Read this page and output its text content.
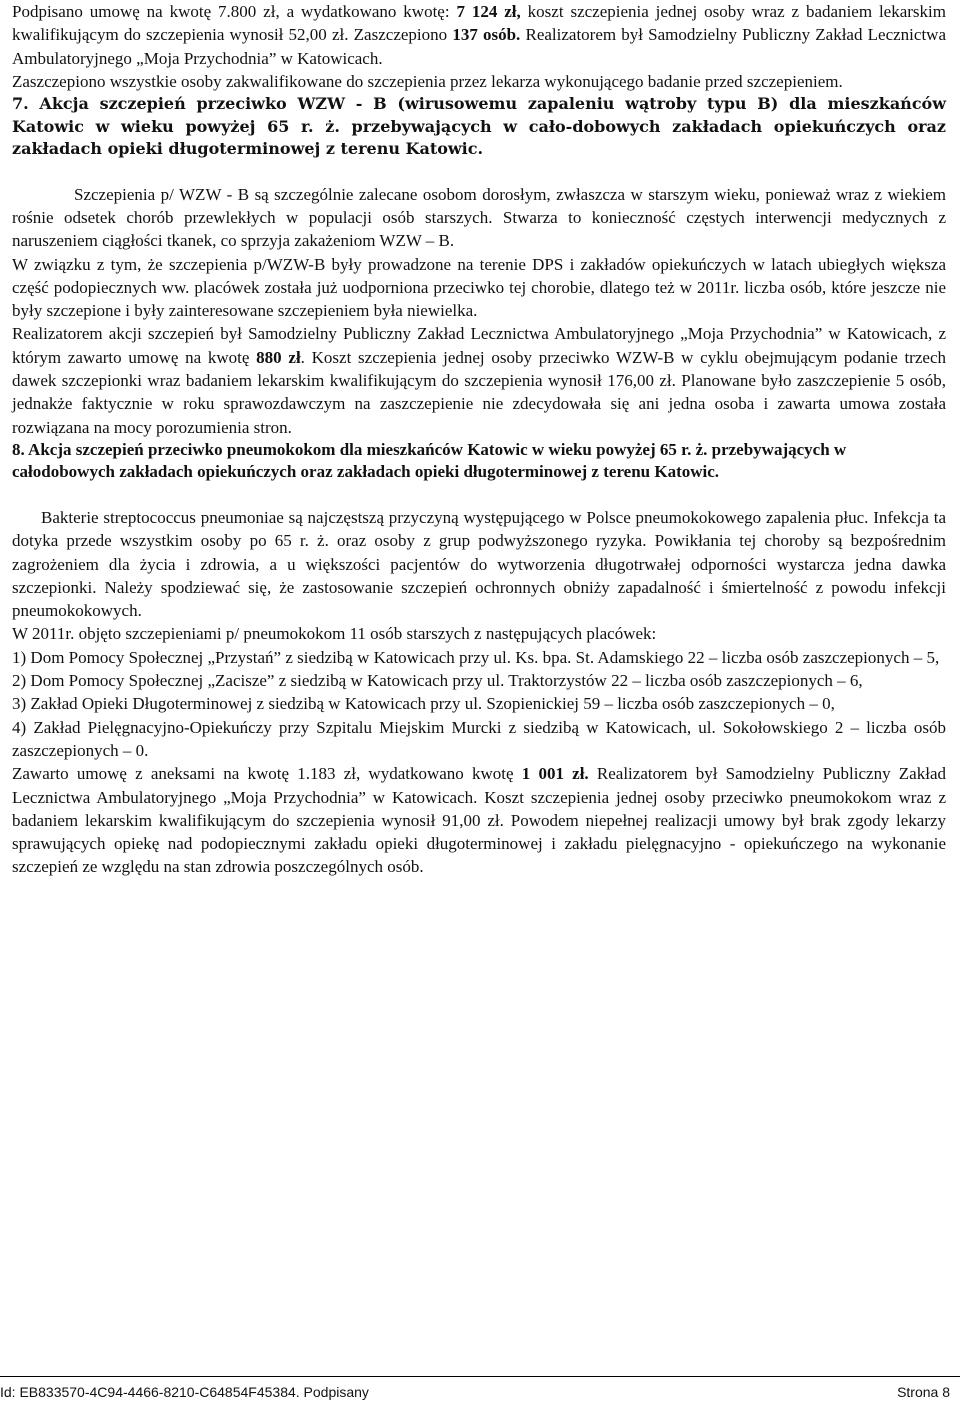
Podpisano umowę na kwotę 7.800 zł, a wydatkowano kwotę: 7 124 zł, koszt szczepienia jednej osoby wraz z badaniem lekarskim kwalifikującym do szczepienia wynosił 52,00 zł. Zaszczepiono 137 osób. Realizatorem był Samodzielny Publiczny Zakład Lecznictwa Ambulatoryjnego „Moja Przychodnia” w Katowicach.

Zaszczepiono wszystkie osoby zakwalifikowane do szczepienia przez lekarza wykonującego badanie przed szczepieniem.

7. Akcja szczepień przeciwko WZW - B (wirusowemu zapaleniu wątroby typu B) dla mieszkańców Katowic w wieku powyżej 65 r. ż. przebywających w cało-dobowych zakładach opiekuńczych oraz zakładach opieki długoterminowej z terenu Katowic.

Szczepienia p/ WZW - B są szczególnie zalecane osobom dorosłym, zwłaszcza w starszym wieku, ponieważ wraz z wiekiem rośnie odsetek chorób przewlekłych w populacji osób starszych. Stwarza to konieczność częstych interwencji medycznych z naruszeniem ciągłości tkanek, co sprzyja zakażeniom WZW – B.

W związku z tym, że szczepienia p/WZW-B były prowadzone na terenie DPS i zakładów opiekuńczych w latach ubiegłych większa część podopiecznych ww. placówek została już uodporniona przeciwko tej chorobie, dlatego też w 2011r. liczba osób, które jeszcze nie były szczepione i były zainteresowane szczepieniem była niewielka.

Realizatorem akcji szczepień był Samodzielny Publiczny Zakład Lecznictwa Ambulatoryjnego „Moja Przychodnia” w Katowicach, z którym zawarto umowę na kwotę 880 zł. Koszt szczepienia jednej osoby przeciwko WZW-B w cyklu obejmującym podanie trzech dawek szczepionki wraz badaniem lekarskim kwalifikującym do szczepienia wynosił 176,00 zł. Planowane było zaszczepienie 5 osób, jednakże faktycznie w roku sprawozdawczym na zaszczepienie nie zdecydowała się ani jedna osoba i zawarta umowa została rozwiązana na mocy porozumienia stron.

8. Akcja szczepień przeciwko pneumokokom dla mieszkańców Katowic w wieku powyżej 65 r. ż. przebywających w całodobowych zakładach opiekuńczych oraz zakładach opieki długoterminowej z terenu Katowic.

Bakterie streptococcus pneumoniae są najczęstszą przyczyną występującego w Polsce pneumokokowego zapalenia płuc. Infekcja ta dotyka przede wszystkim osoby po 65 r. ż. oraz osoby z grup podwyższonego ryzyka. Powikłania tej choroby są bezpośrednim zagrożeniem dla życia i zdrowia, a u większości pacjentów do wytworzenia długotrwałej odporności wystarcza jedna dawka szczepionki. Należy spodziewać się, że zastosowanie szczepień ochronnych obniży zapadalność i śmiertelność z powodu infekcji pneumokokowych.

W 2011r. objęto szczepieniami p/ pneumokokom 11 osób starszych z następujących placówek:

1) Dom Pomocy Społecznej „Przystań” z siedzibą w Katowicach przy ul. Ks. bpa. St. Adamskiego 22 – liczba osób zaszczepionych – 5,

2) Dom Pomocy Społecznej „Zacisze” z siedzibą w Katowicach przy ul. Traktorzystów 22 – liczba osób zaszczepionych – 6,

3) Zakład Opieki Długoterminowej z siedzibą w Katowicach przy ul. Szopienickiej 59 – liczba osób zaszczepionych – 0,

4) Zakład Pielęgnacyjno-Opiekuńczy przy Szpitalu Miejskim Murcki z siedzibą w Katowicach, ul. Sokołowskiego 2 – liczba osób zaszczepionych – 0.

Zawarto umowę z aneksami na kwotę 1.183 zł, wydatkowano kwotę 1 001 zł. Realizatorem był Samodzielny Publiczny Zakład Lecznictwa Ambulatoryjnego „Moja Przychodnia” w Katowicach. Koszt szczepienia jednej osoby przeciwko pneumokokom wraz z badaniem lekarskim kwalifikującym do szczepienia wynosił 91,00 zł. Powodem niepełnej realizacji umowy był brak zgody lekarzy sprawujących opiekę nad podopiecznymi zakładu opieki długoterminowej i zakładu pielęgnacyjno - opiekuńczego na wykonanie szczepień ze względu na stan zdrowia poszczególnych osób.

Id: EB833570-4C94-4466-8210-C64854F45384. Podpisany	Strona 8
